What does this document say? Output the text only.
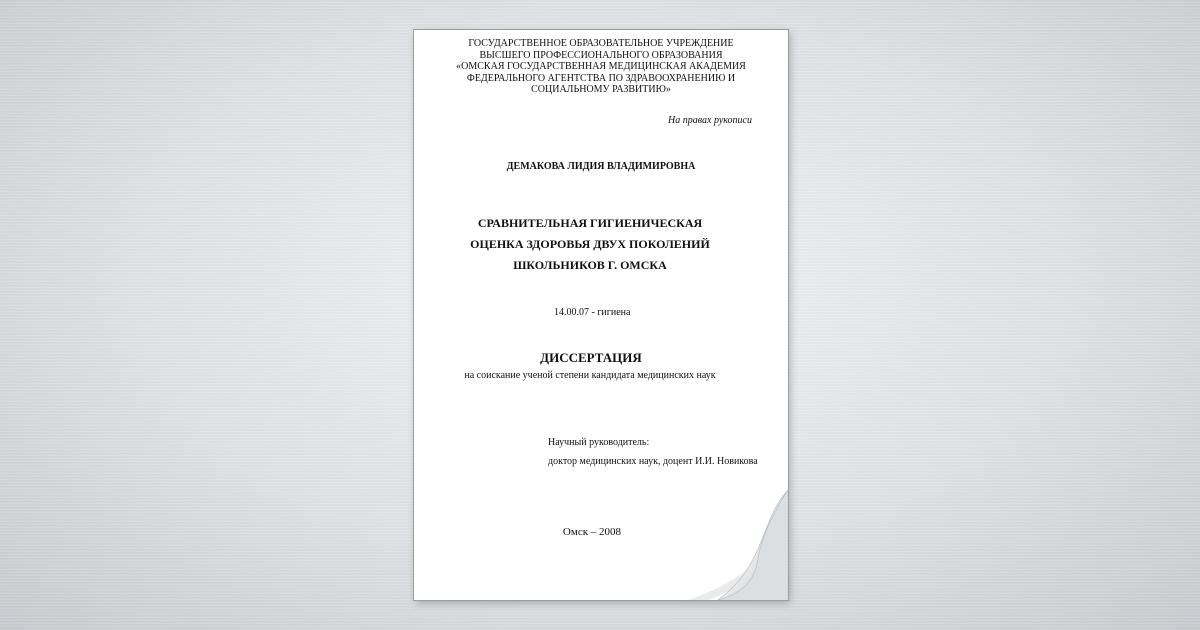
ГОСУДАРСТВЕННОЕ ОБРАЗОВАТЕЛЬНОЕ УЧРЕЖДЕНИЕ
ВЫСШЕГО ПРОФЕССИОНАЛЬНОГО ОБРАЗОВАНИЯ
«ОМСКАЯ ГОСУДАРСТВЕННАЯ МЕДИЦИНСКАЯ АКАДЕМИЯ
ФЕДЕРАЛЬНОГО АГЕНТСТВА ПО ЗДРАВООХРАНЕНИЮ И
СОЦИАЛЬНОМУ РАЗВИТИЮ»
На правах рукописи
ДЕМАКОВА ЛИДИЯ ВЛАДИМИРОВНА
СРАВНИТЕЛЬНАЯ ГИГИЕНИЧЕСКАЯ
ОЦЕНКА ЗДОРОВЬЯ ДВУХ ПОКОЛЕНИЙ
ШКОЛЬНИКОВ Г. ОМСКА
14.00.07 - гигиена
ДИССЕРТАЦИЯ
на соискание ученой степени кандидата медицинских наук
Научный руководитель:
доктор медицинских наук, доцент И.И. Новикова
Омск – 2008
